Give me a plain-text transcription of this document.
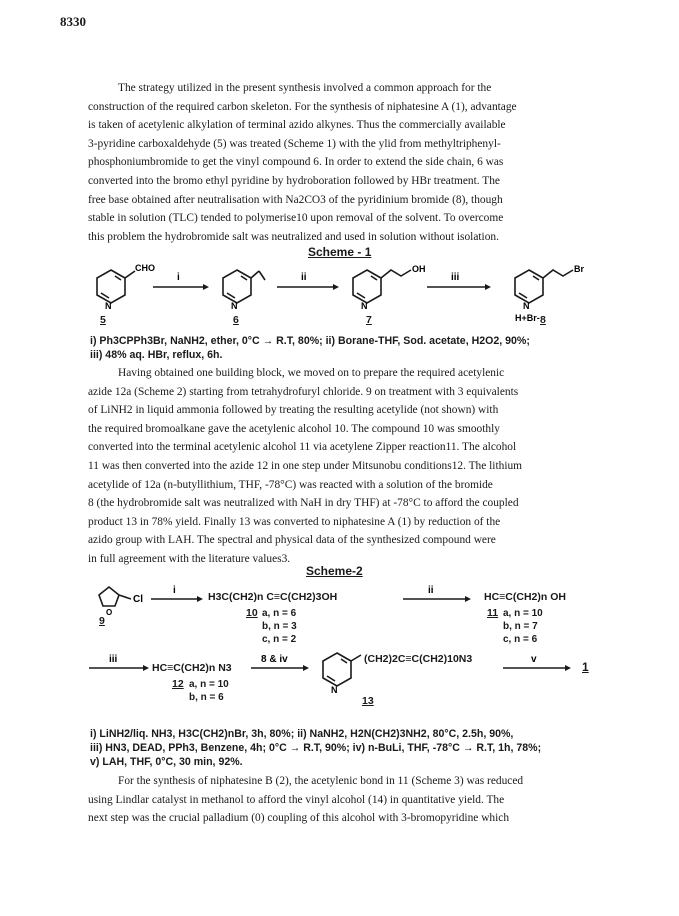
8330

The strategy utilized in the present synthesis involved a common approach for the

construction of the required carbon skeleton. For the synthesis of niphatesine A (1), advantage

is taken of acetylenic alkylation of terminal azido alkynes. Thus the commercially available

3-pyridine carboxaldehyde (5) was treated (Scheme 1) with the ylid from methyltriphenyl-

phosphoniumbromide to get the vinyl compound 6. In order to extend the side chain, 6 was

converted into the bromo ethyl pyridine by hydroboration followed by HBr treatment. The

free base obtained after neutralisation with Na2CO3 of the pyridinium bromide (8), though

stable in solution (TLC) tended to polymerise10 upon removal of the solvent. To overcome

this problem the hydrobromide salt was neutralized and used in solution without isolation.

Scheme - 1
N
CHO
i
N
ii
N
OH
iii
N
Br
H+Br-
5	6	7	8
i) Ph3CPPh3Br, NaNH2, ether, 0°C → R.T, 80%; ii) Borane-THF, Sod. acetate, H2O2, 90%;
iii) 48% aq. HBr, reflux, 6h.

Having obtained one building block, we moved on to prepare the required acetylenic

azide 12a (Scheme 2) starting from tetrahydrofuryl chloride. 9 on treatment with 3 equivalents

of LiNH2 in liquid ammonia followed by treating the resulting acetylide (not shown) with

the required bromoalkane gave the acetylenic alcohol 10. The compound 10 was smoothly

converted into the terminal acetylenic alcohol 11 via acetylene Zipper reaction11. The alcohol

11 was then converted into the azide 12 in one step under Mitsunobu conditions12. The lithium

acetylide of 12a (n-butyllithium, THF, -78°C) was reacted with a solution of the bromide

8 (the hydrobromide salt was neutralized with NaH in dry THF) at -78°C to afford the coupled

product 13 in 78% yield. Finally 13 was converted to niphatesine A (1) by reduction of the

azido group with LAH. The spectral and physical data of the synthesized compound were

in full agreement with the literature values3.

Scheme-2
O
Cl
i	ii
iii	8 & iv
N
v
9
H3C(CH2)n C≡C(CH2)3OH
10 a, n = 6
b, n = 3
c, n = 2
HC≡C(CH2)n OH
11 a, n = 10
b, n = 7
c, n = 6
HC≡C(CH2)n N3
12 a, n = 10
b, n = 6
(CH2)2C≡C(CH2)10N3
13
1
i) LiNH2/liq. NH3, H3C(CH2)nBr, 3h, 80%; ii) NaNH2, H2N(CH2)3NH2, 80°C, 2.5h, 90%,
iii) HN3, DEAD, PPh3, Benzene, 4h; 0°C → R.T, 90%; iv) n-BuLi, THF, -78°C → R.T, 1h, 78%;
v) LAH, THF, 0°C, 30 min, 92%.

For the synthesis of niphatesine B (2), the acetylenic bond in 11 (Scheme 3) was reduced

using Lindlar catalyst in methanol to afford the vinyl alcohol (14) in quantitative yield. The

next step was the crucial palladium (0) coupling of this alcohol with 3-bromopyridine which
